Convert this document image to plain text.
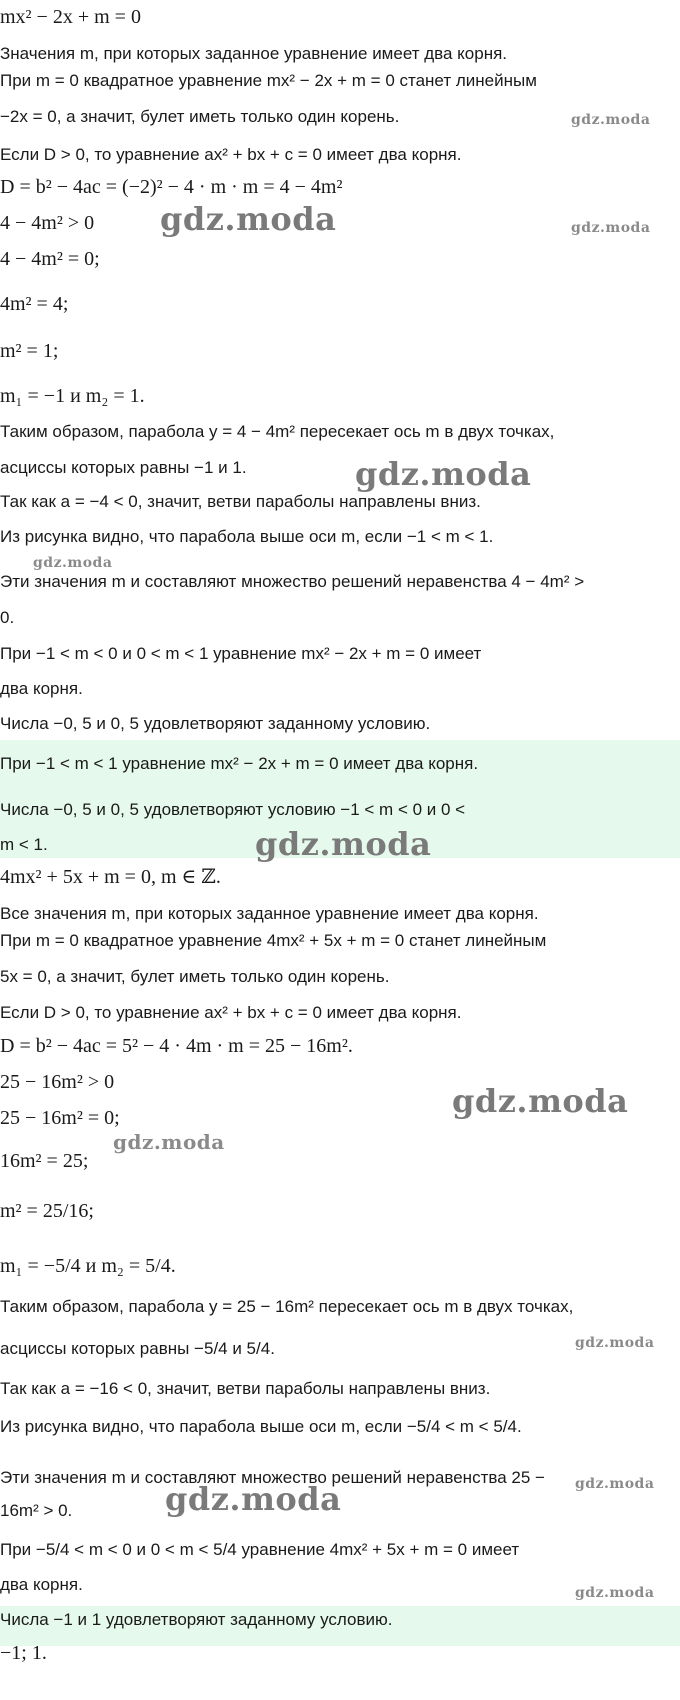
mx² − 2x + m = 0
Значения m, при которых заданное уравнение имеет два корня.
При m = 0 квадратное уравнение mx² − 2x + m = 0 станет линейным
−2x = 0, а значит, булет иметь только один корень.
Если D > 0, то уравнение ax² + bx + c = 0 имеет два корня.
D = b² − 4ac = (−2)² − 4 · m · m = 4 − 4m²
4 − 4m² > 0
4 − 4m² = 0;
4m² = 4;
m² = 1;
m₁ = −1 и m₂ = 1.
Таким образом, парабола y = 4 − 4m² пересекает ось m в двух точках,
асциссы которых равны −1 и 1.
Так как a = −4 < 0, значит, ветви параболы направлены вниз.
Из рисунка видно, что парабола выше оси m, если −1 < m < 1.
Эти значения m и составляют множество решений неравенства 4 − 4m² >
0.
При −1 < m < 0 и 0 < m < 1 уравнение mx² − 2x + m = 0 имеет
два корня.
Числа −0, 5 и 0, 5 удовлетворяют заданному условию.
При −1 < m < 1 уравнение mx² − 2x + m = 0 имеет два корня.
Числа −0, 5 и 0, 5 удовлетворяют условию −1 < m < 0 и 0 <
m < 1.
4mx² + 5x + m = 0, m ∈ ℤ.
Все значения m, при которых заданное уравнение имеет два корня.
При m = 0 квадратное уравнение 4mx² + 5x + m = 0 станет линейным
5x = 0, а значит, булет иметь только один корень.
Если D > 0, то уравнение ax² + bx + c = 0 имеет два корня.
D = b² − 4ac = 5² − 4 · 4m · m = 25 − 16m².
25 − 16m² > 0
25 − 16m² = 0;
16m² = 25;
m² = 25/16;
m₁ = −5/4 и m₂ = 5/4.
Таким образом, парабола y = 25 − 16m² пересекает ось m в двух точках,
асциссы которых равны −5/4 и 5/4.
Так как a = −16 < 0, значит, ветви параболы направлены вниз.
Из рисунка видно, что парабола выше оси m, если −5/4 < m < 5/4.
Эти значения m и составляют множество решений неравенства 25 −
16m² > 0.
При −5/4 < m < 0 и 0 < m < 5/4 уравнение 4mx² + 5x + m = 0 имеет
два корня.
Числа −1 и 1 удовлетворяют заданному условию.
−1; 1.
gdz.moda
gdz.moda	gdz.moda
gdz.moda
gdz.moda
gdz.moda
gdz.moda
gdz.moda
gdz.moda
gdz.moda
gdz.moda
gdz.moda
